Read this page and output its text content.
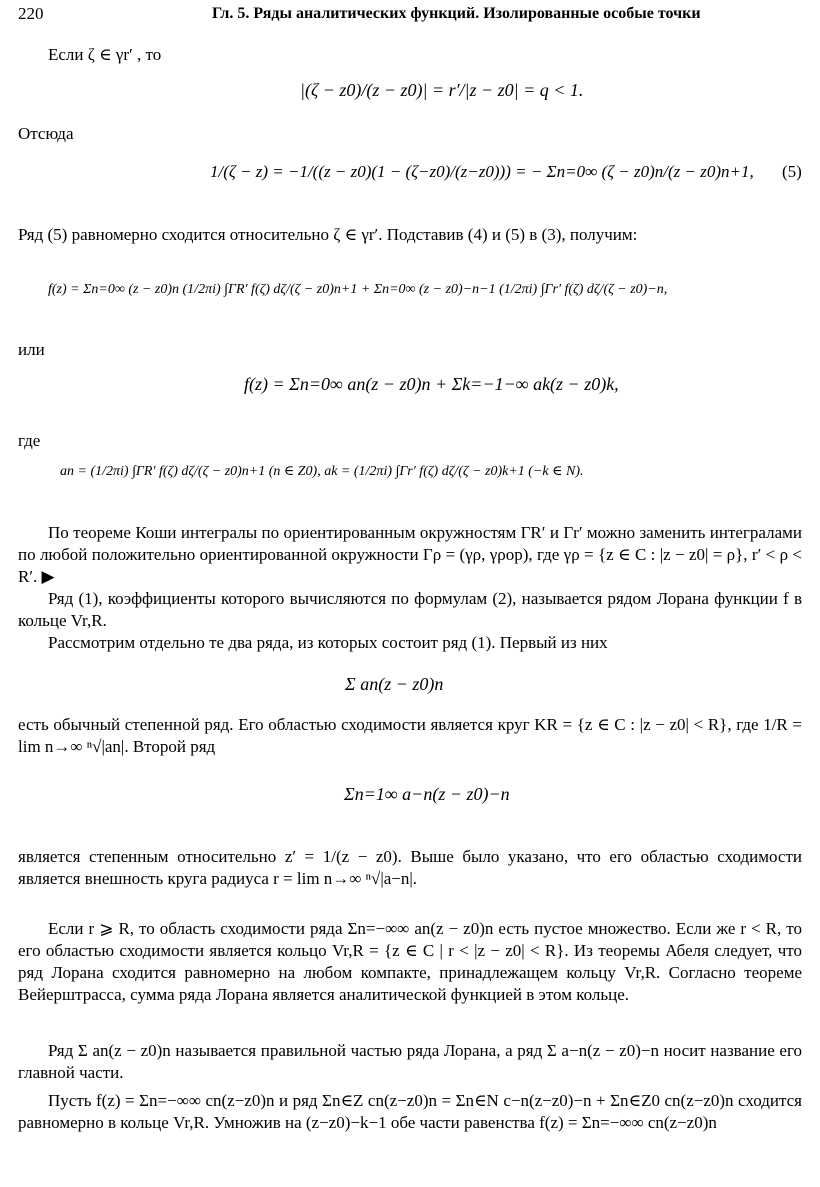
220	Гл. 5. Ряды аналитических функций. Изолированные особые точки
Если ζ ∈ γr′ , то
|(ζ − z0)/(z − z0)| = r′/|z − z0| = q < 1.
Отсюда
1/(ζ − z) = −1/((z − z0)(1 − (ζ−z0)/(z−z0))) = − Σn=0∞ (ζ − z0)n/(z − z0)n+1, (5)
Ряд (5) равномерно сходится относительно ζ ∈ γr′. Подставив (4) и (5) в (3), получим:
f(z) = Σn=0∞ (z − z0)n (1/2πi) ∫ΓR′ f(ζ) dζ/(ζ − z0)n+1 + Σn=0∞ (z − z0)−n−1 (1/2πi) ∫Γr′ f(ζ) dζ/(ζ − z0)−n,
или
f(z) = Σn=0∞ an(z − z0)n + Σk=−1−∞ ak(z − z0)k,
где
an = (1/2πi) ∫ΓR′ f(ζ) dζ/(ζ − z0)n+1 (n ∈ Z0), ak = (1/2πi) ∫Γr′ f(ζ) dζ/(ζ − z0)k+1 (−k ∈ N).
По теореме Коши интегралы по ориентированным окружностям ΓR′ и Γr′ можно заменить интегралами по любой положительно ориентированной окружности Γρ = (γρ, γρop), где γρ = {z ∈ C : |z − z0| = ρ}, r′ < ρ < R′. ▶
Ряд (1), коэффициенты которого вычисляются по формулам (2), называется рядом Лорана функции f в кольце Vr,R.
Рассмотрим отдельно те два ряда, из которых состоит ряд (1). Первый из них
Σ an(z − z0)n
есть обычный степенной ряд. Его областью сходимости является круг KR = {z ∈ C : |z − z0| < R}, где 1/R = lim n→∞ ⁿ√|an|. Второй ряд
Σn=1∞ a−n(z − z0)−n
является степенным относительно z′ = 1/(z − z0). Выше было указано, что его областью сходимости является внешность круга радиуса r = lim n→∞ ⁿ√|a−n|.
Если r ⩾ R, то область сходимости ряда Σn=−∞∞ an(z − z0)n есть пустое множество. Если же r < R, то его областью сходимости является кольцо Vr,R = {z ∈ C | r < |z − z0| < R}. Из теоремы Абеля следует, что ряд Лорана сходится равномерно на любом компакте, принадлежащем кольцу Vr,R. Согласно теореме Вейерштрасса, сумма ряда Лорана является аналитической функцией в этом кольце.
Ряд Σ an(z − z0)n называется правильной частью ряда Лорана, а ряд Σ a−n(z − z0)−n носит название его главной части.
Пусть f(z) = Σn=−∞∞ cn(z−z0)n и ряд Σn∈Z cn(z−z0)n = Σn∈N c−n(z−z0)−n + Σn∈Z0 cn(z−z0)n сходится равномерно в кольце Vr,R. Умножив на (z−z0)−k−1 обе части равенства f(z) = Σn=−∞∞ cn(z−z0)n
